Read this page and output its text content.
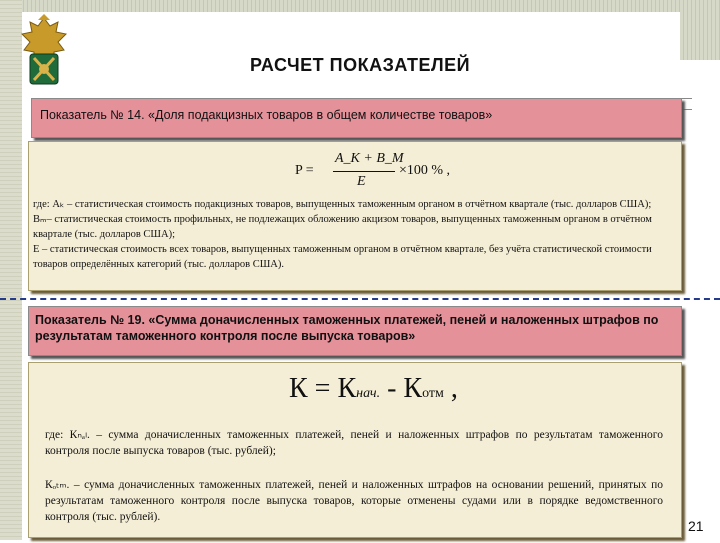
РАСЧЕТ ПОКАЗАТЕЛЕЙ
Показатель № 14. «Доля подакцизных товаров в общем количестве товаров»
P =
A_K + B_M
E
×100 % ,
где: Aₖ – статистическая стоимость подакцизных товаров, выпущенных таможенным органом в отчётном квартале (тыс. долларов США);
Bₘ– статистическая стоимость профильных, не подлежащих обложению акцизом товаров, выпущенных таможенным органом в отчётном квартале (тыс. долларов США);
E – статистическая стоимость всех товаров, выпущенных таможенным органом в отчётном квартале, без учёта статистической стоимости товаров определённых категорий (тыс. долларов США).
Показатель № 19. «Сумма доначисленных таможенных платежей, пеней и наложенных штрафов по результатам таможенного контроля после выпуска товаров»
К = Кнач. - Котм ,

где: Кₙₐₗ. – сумма доначисленных таможенных платежей, пеней и наложенных штрафов по результатам таможенного контроля после выпуска товаров (тыс. рублей);

Кₒₜₘ. – сумма доначисленных таможенных платежей, пеней и наложенных штрафов на основании решений, принятых по результатам таможенного контроля после выпуска товаров, которые отменены судами или в порядке ведомственного контроля (тыс. рублей).

21
